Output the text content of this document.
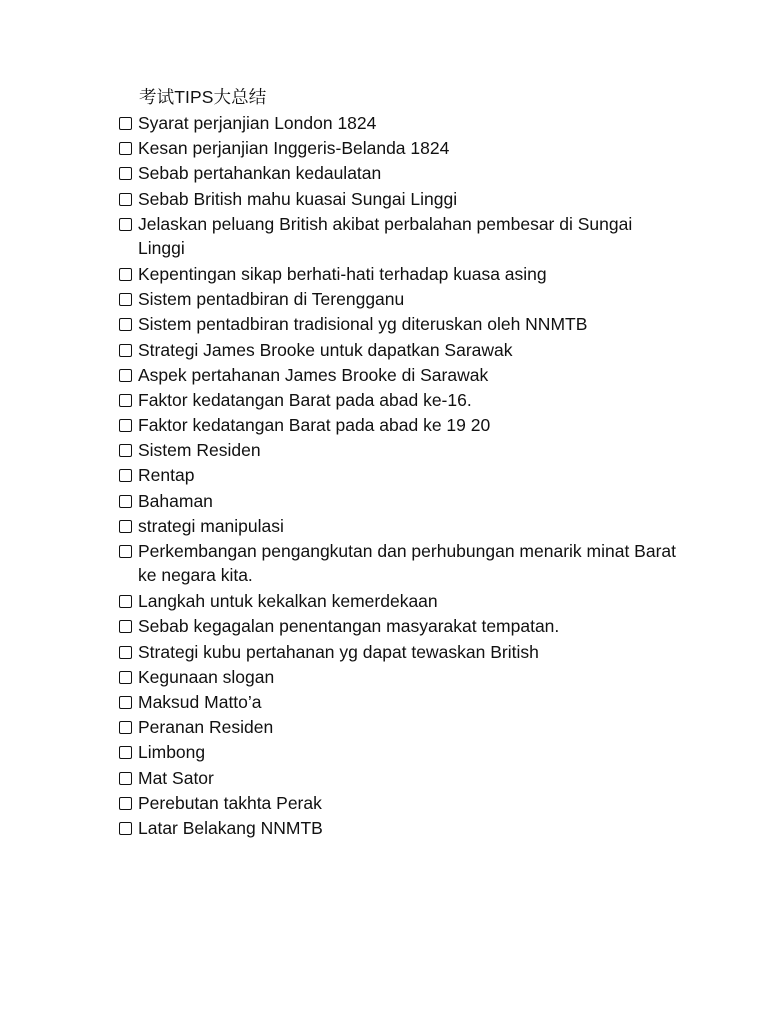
考试TIPS大总结
Syarat perjanjian London 1824
Kesan perjanjian Inggeris-Belanda 1824
Sebab pertahankan kedaulatan
Sebab British mahu kuasai Sungai Linggi
Jelaskan peluang British akibat perbalahan pembesar di Sungai Linggi
Kepentingan sikap berhati-hati terhadap kuasa asing
Sistem pentadbiran di Terengganu
Sistem pentadbiran tradisional yg diteruskan oleh NNMTB
Strategi James Brooke untuk dapatkan Sarawak
Aspek pertahanan James Brooke di Sarawak
Faktor kedatangan Barat pada abad ke-16.
Faktor kedatangan Barat pada abad ke 19 20
Sistem Residen
Rentap
Bahaman
strategi manipulasi
Perkembangan pengangkutan dan perhubungan menarik minat Barat ke negara kita.
Langkah untuk kekalkan kemerdekaan
Sebab kegagalan penentangan masyarakat tempatan.
Strategi kubu pertahanan yg dapat tewaskan British
Kegunaan slogan
Maksud Matto’a
Peranan Residen
Limbong
Mat Sator
Perebutan takhta Perak
Latar Belakang NNMTB
